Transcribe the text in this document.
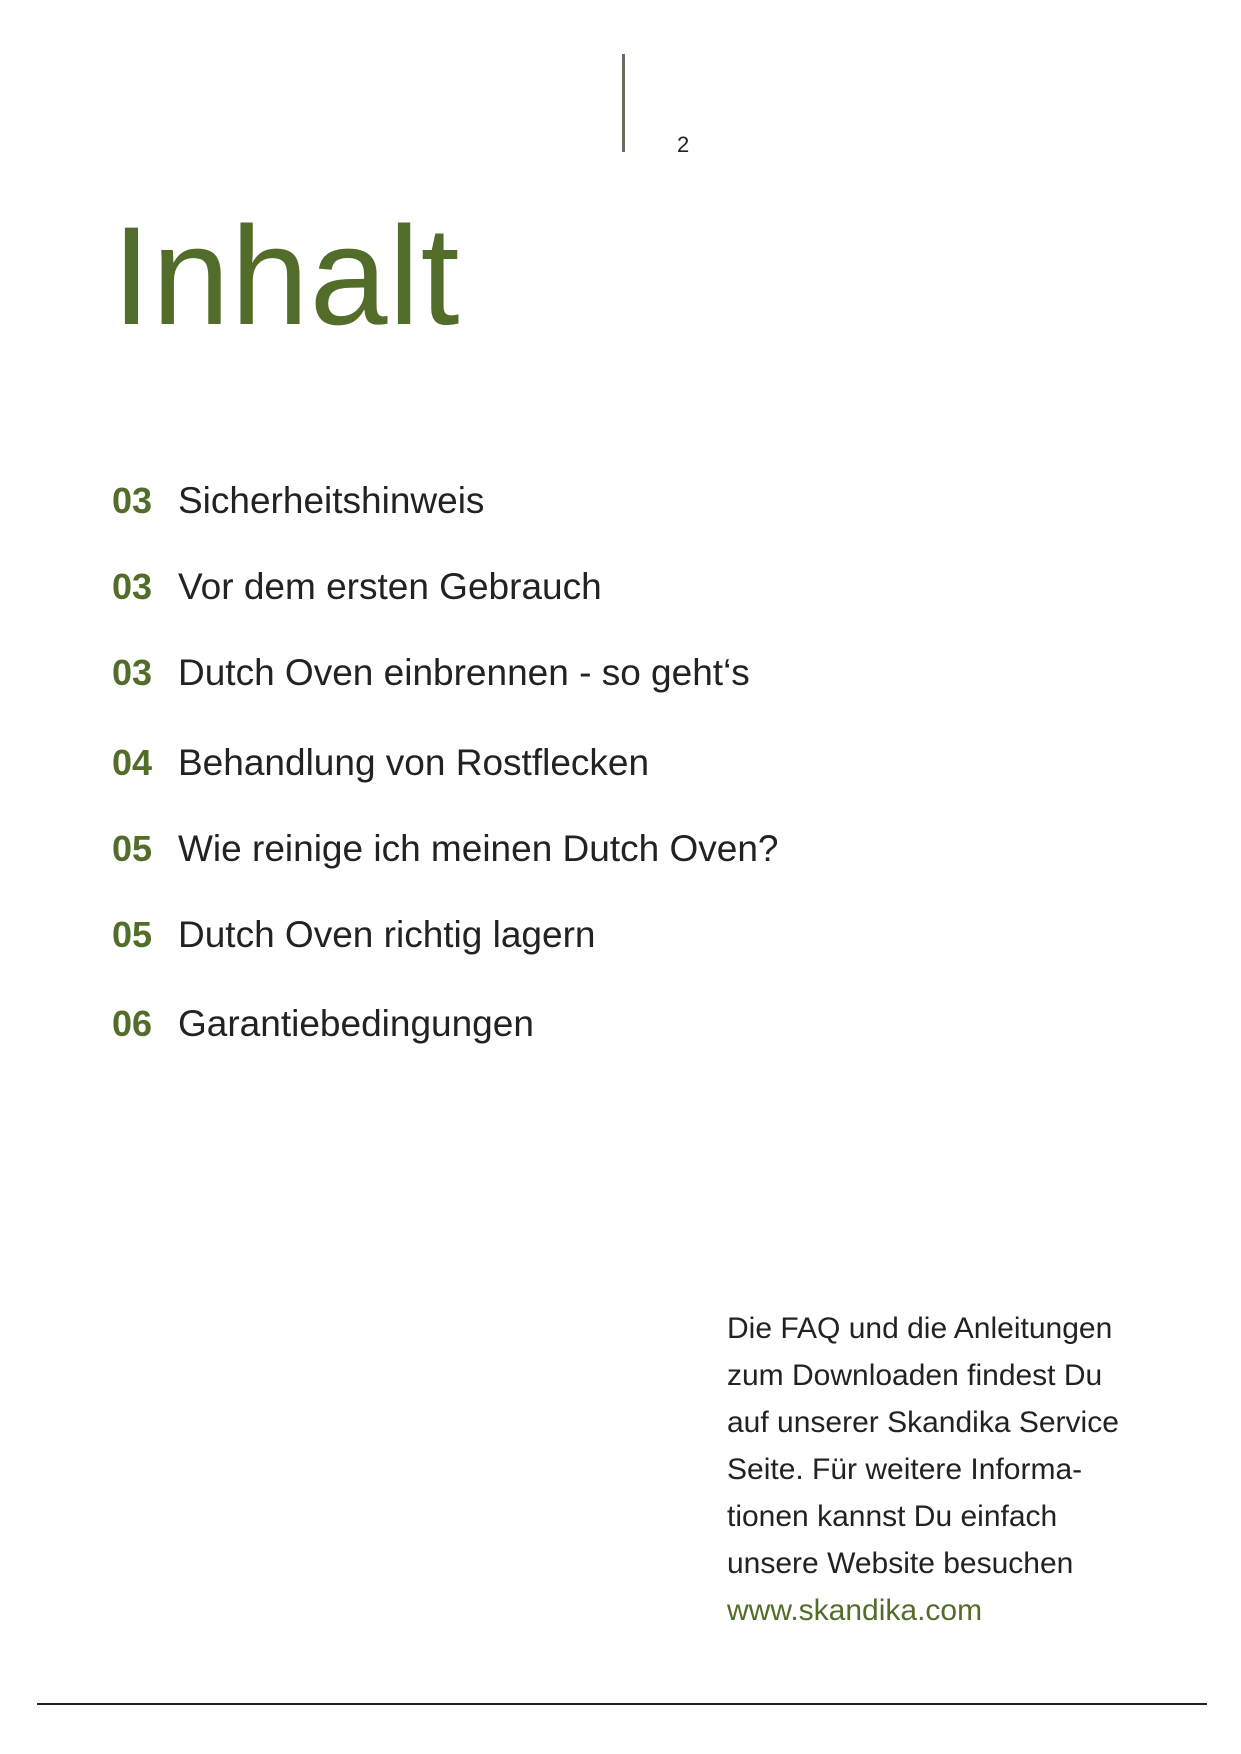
2
Inhalt
03 Sicherheitshinweis
03 Vor dem ersten Gebrauch
03 Dutch Oven einbrennen - so geht‘s
04 Behandlung von Rostflecken
05 Wie reinige ich meinen Dutch Oven?
05 Dutch Oven richtig lagern
06 Garantiebedingungen
Die FAQ und die Anleitungen
zum Downloaden findest Du
auf unserer Skandika Service
Seite. Für weitere Informa-
tionen kannst Du einfach
unsere Website besuchen
www.skandika.com
